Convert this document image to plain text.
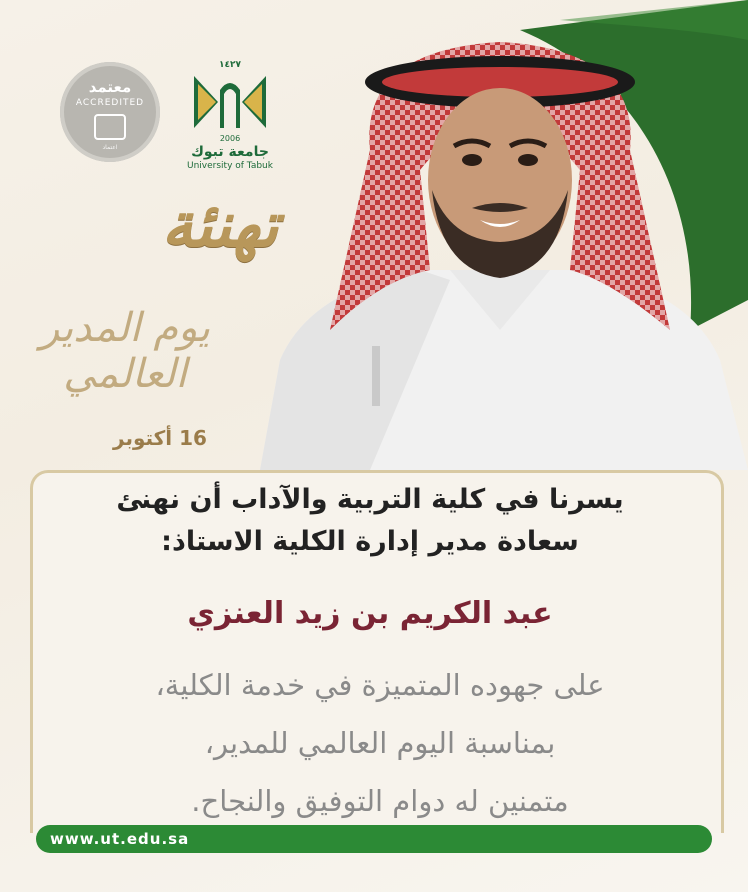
معتمد
ACCREDITED
اعتماد
١٤٢٧
2006
جامعة تبوك
University of Tabuk
تهنئة
يوم المدير العالمي
16 أكتوبر
يسرنا في كلية التربية والآداب أن نهنئ
سعادة مدير إدارة الكلية الاستاذ:
عبد الكريم بن زيد العنزي
على جهوده المتميزة في خدمة الكلية،
بمناسبة اليوم العالمي للمدير،
متمنين له دوام التوفيق والنجاح.
www.ut.edu.sa
